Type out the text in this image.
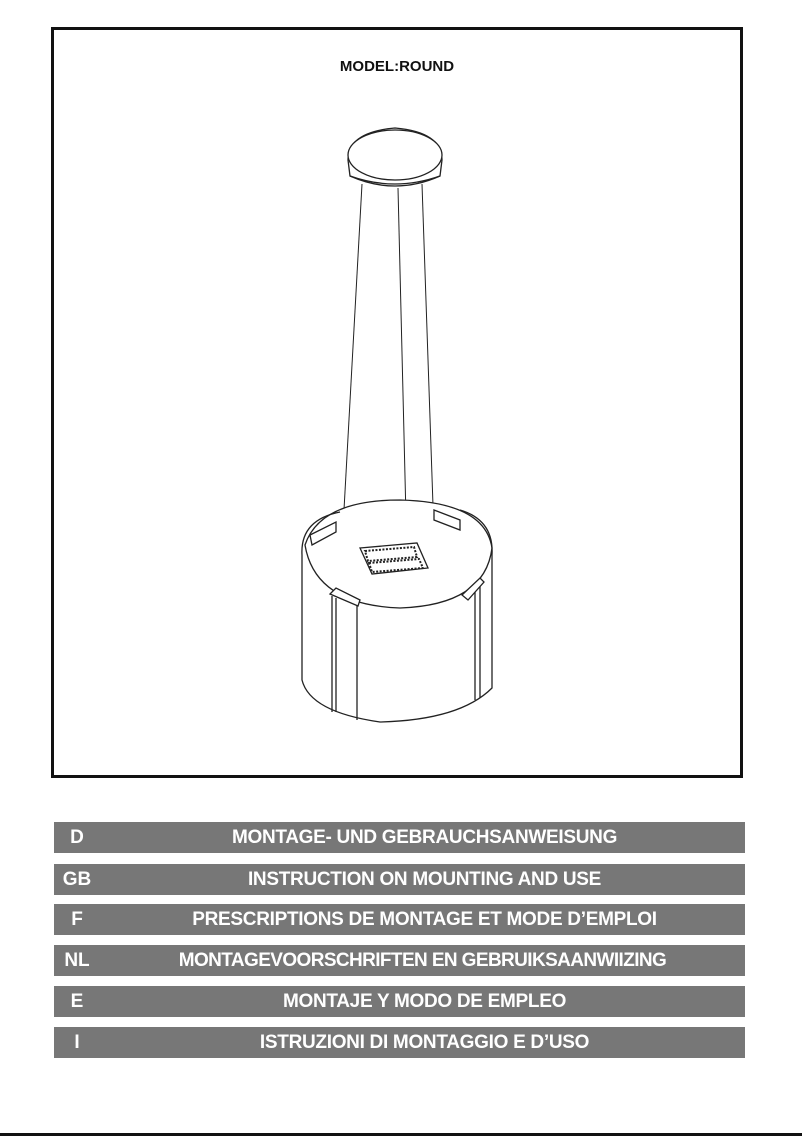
MODEL:ROUND
D	MONTAGE- UND GEBRAUCHSANWEISUNG
GB	INSTRUCTION ON MOUNTING AND USE
F	PRESCRIPTIONS DE MONTAGE ET MODE D’EMPLOI
NL	MONTAGEVOORSCHRIFTEN EN GEBRUIKSAANWIIZING
E	MONTAJE Y MODO DE EMPLEO
I	ISTRUZIONI DI MONTAGGIO E D’USO
